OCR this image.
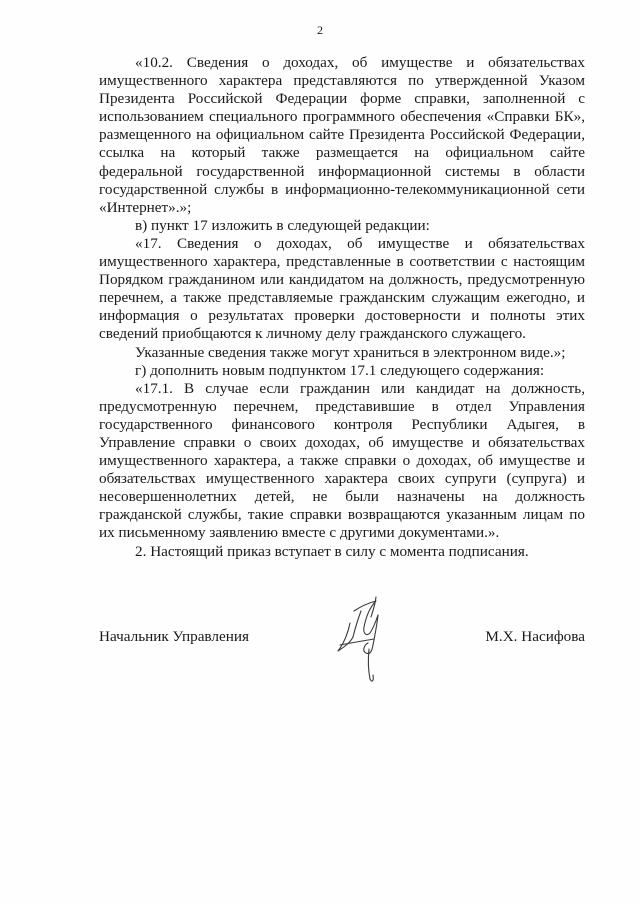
2

«10.2. Сведения о доходах, об имуществе и обязательствах имущественного характера представляются по утвержденной Указом Президента Российской Федерации форме справки, заполненной с использованием специального программного обеспечения «Справки БК», размещенного на официальном сайте Президента Российской Федерации, ссылка на который также размещается на официальном сайте федеральной государственной информационной системы в области государственной службы в информационно-телекоммуникационной сети «Интернет».»;

в) пункт 17 изложить в следующей редакции:

«17. Сведения о доходах, об имуществе и обязательствах имущественного характера, представленные в соответствии с настоящим Порядком гражданином или кандидатом на должность, предусмотренную перечнем, а также представляемые гражданским служащим ежегодно, и информация о результатах проверки достоверности и полноты этих сведений приобщаются к личному делу гражданского служащего.

Указанные сведения также могут храниться в электронном виде.»;

г) дополнить новым подпунктом 17.1 следующего содержания:

«17.1. В случае если гражданин или кандидат на должность, предусмотренную перечнем, представившие в отдел Управления государственного финансового контроля Республики Адыгея, в Управление справки о своих доходах, об имуществе и обязательствах имущественного характера, а также справки о доходах, об имуществе и обязательствах имущественного характера своих супруги (супруга) и несовершеннолетних детей, не были назначены на должность гражданской службы, такие справки возвращаются указанным лицам по их письменному заявлению вместе с другими документами.».

2. Настоящий приказ вступает в силу с момента подписания.

Начальник Управления	М.Х. Насифова
